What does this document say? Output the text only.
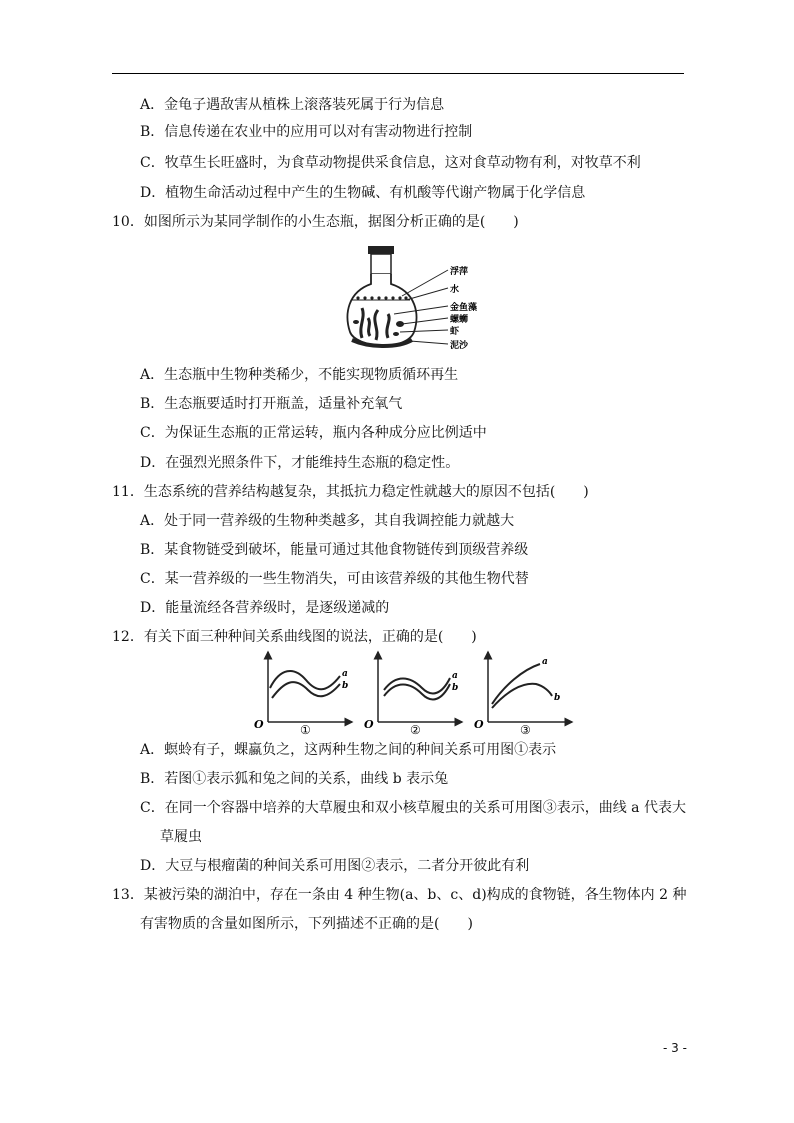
A．金龟子遇敌害从植株上滚落装死属于行为信息
B．信息传递在农业中的应用可以对有害动物进行控制
C．牧草生长旺盛时，为食草动物提供采食信息，这对食草动物有利，对牧草不利
D．植物生命活动过程中产生的生物碱、有机酸等代谢产物属于化学信息
10．如图所示为某同学制作的小生态瓶，据图分析正确的是(　　)
浮萍
水
金鱼藻
螺蛳
虾
泥沙
A．生态瓶中生物种类稀少，不能实现物质循环再生
B．生态瓶要适时打开瓶盖，适量补充氧气
C．为保证生态瓶的正常运转，瓶内各种成分应比例适中
D．在强烈光照条件下，才能维持生态瓶的稳定性。
11．生态系统的营养结构越复杂，其抵抗力稳定性就越大的原因不包括(　　)
A．处于同一营养级的生物种类越多，其自我调控能力就越大
B．某食物链受到破坏，能量可通过其他食物链传到顶级营养级
C．某一营养级的一些生物消失，可由该营养级的其他生物代替
D．能量流经各营养级时，是逐级递减的
12．有关下面三种种间关系曲线图的说法，正确的是(　　)
a
b
O	①
a
b
O	②
a
b
O	③
A．螟蛉有子，蜾蠃负之，这两种生物之间的种间关系可用图①表示
B．若图①表示狐和兔之间的关系，曲线 b 表示兔
C．在同一个容器中培养的大草履虫和双小核草履虫的关系可用图③表示，曲线 a 代表大
草履虫
D．大豆与根瘤菌的种间关系可用图②表示，二者分开彼此有利
13．某被污染的湖泊中，存在一条由 4 种生物(a、b、c、d)构成的食物链，各生物体内 2 种
有害物质的含量如图所示，下列描述不正确的是(　　)
- 3 -
